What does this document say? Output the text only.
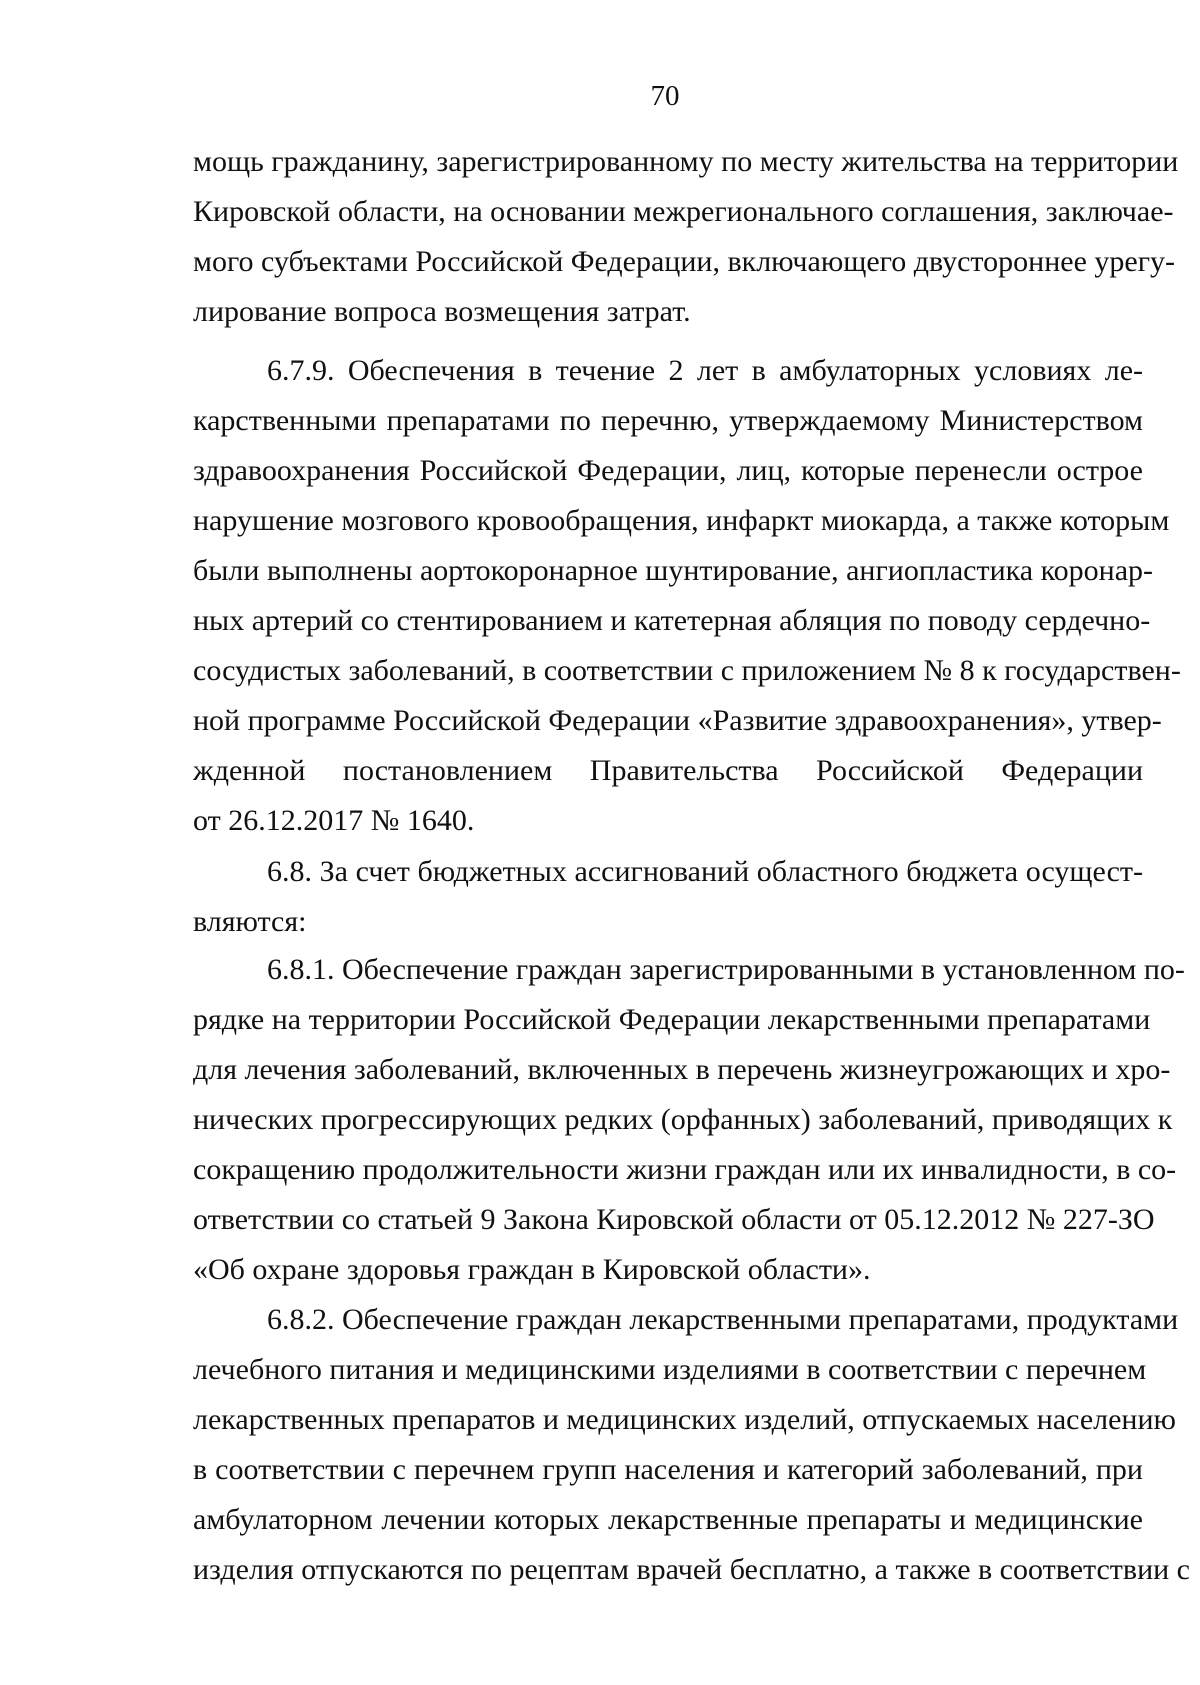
70
мощь гражданину, зарегистрированному по месту жительства на территории
Кировской области, на основании межрегионального соглашения, заключае-
мого субъектами Российской Федерации, включающего двустороннее урегу-
лирование вопроса возмещения затрат.
6.7.9. Обеспечения в течение 2 лет в амбулаторных условиях ле-
карственными препаратами по перечню, утверждаемому Министерством
здравоохранения Российской Федерации, лиц, которые перенесли острое
нарушение мозгового кровообращения, инфаркт миокарда, а также которым
были выполнены аортокоронарное шунтирование, ангиопластика коронар-
ных артерий со стентированием и катетерная абляция по поводу сердечно-
сосудистых заболеваний, в соответствии с приложением № 8 к государствен-
ной программе Российской Федерации «Развитие здравоохранения», утвер-
жденной постановлением Правительства Российской Федерации
от 26.12.2017 № 1640.
6.8. За счет бюджетных ассигнований областного бюджета осущест-
вляются:
6.8.1. Обеспечение граждан зарегистрированными в установленном по-
рядке на территории Российской Федерации лекарственными препаратами
для лечения заболеваний, включенных в перечень жизнеугрожающих и хро-
нических прогрессирующих редких (орфанных) заболеваний, приводящих к
сокращению продолжительности жизни граждан или их инвалидности, в со-
ответствии со статьей 9 Закона Кировской области от 05.12.2012 № 227-ЗО
«Об охране здоровья граждан в Кировской области».
6.8.2. Обеспечение граждан лекарственными препаратами, продуктами
лечебного питания и медицинскими изделиями в соответствии с перечнем
лекарственных препаратов и медицинских изделий, отпускаемых населению
в соответствии с перечнем групп населения и категорий заболеваний, при
амбулаторном лечении которых лекарственные препараты и медицинские
изделия отпускаются по рецептам врачей бесплатно, а также в соответствии с
